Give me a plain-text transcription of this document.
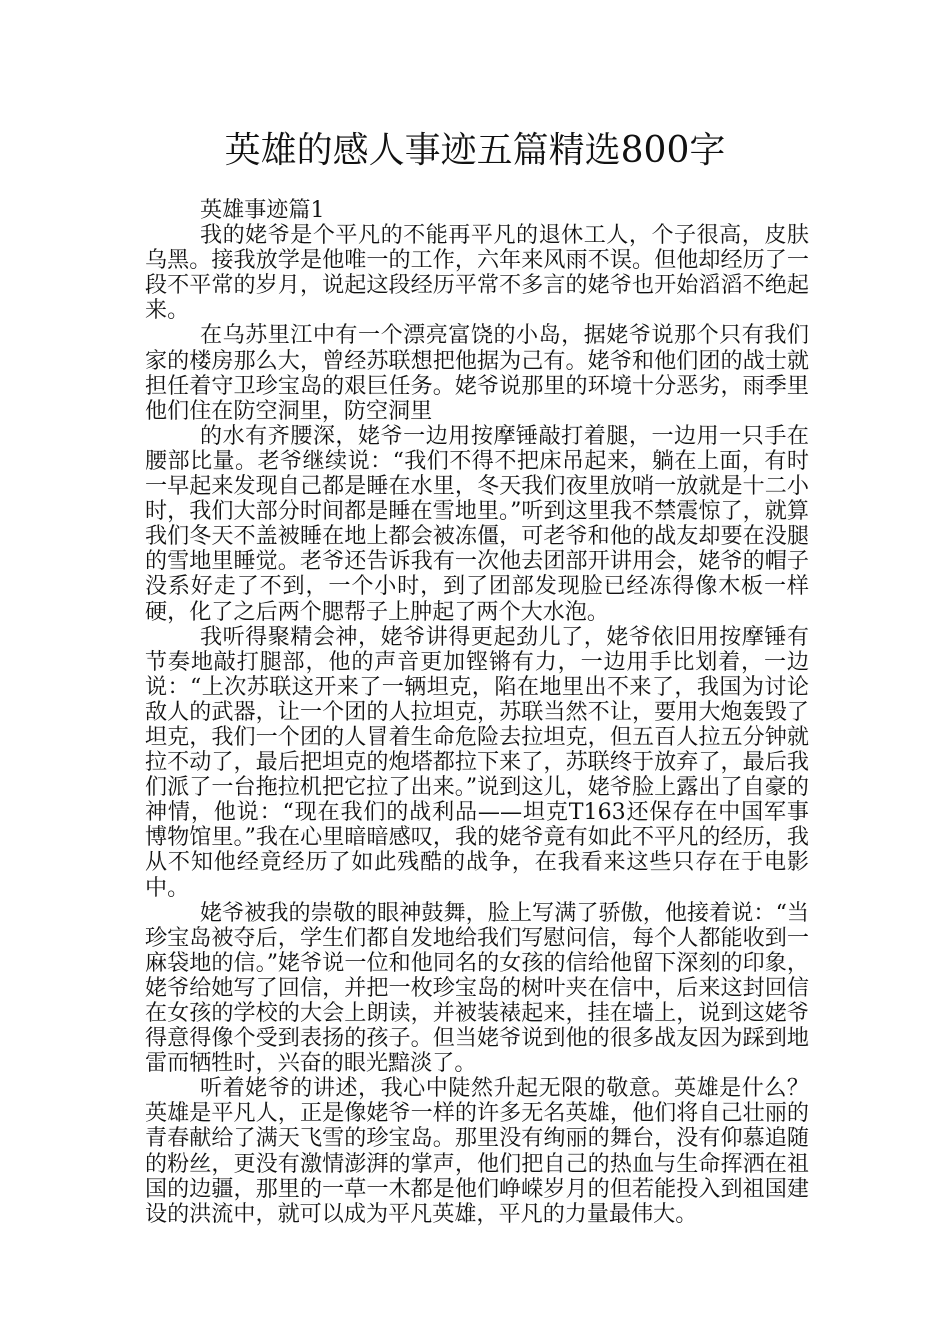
英雄的感人事迹五篇精选800字

英雄事迹篇1

我的姥爷是个平凡的不能再平凡的退休工人，个子很高，皮肤乌黑。接我放学是他唯一的工作，六年来风雨不误。但他却经历了一段不平常的岁月，说起这段经历平常不多言的姥爷也开始滔滔不绝起来。

在乌苏里江中有一个漂亮富饶的小岛，据姥爷说那个只有我们家的楼房那么大，曾经苏联想把他据为己有。姥爷和他们团的战士就担任着守卫珍宝岛的艰巨任务。姥爷说那里的环境十分恶劣，雨季里他们住在防空洞里，防空洞里

的水有齐腰深，姥爷一边用按摩锤敲打着腿，一边用一只手在腰部比量。老爷继续说：“我们不得不把床吊起来，躺在上面，有时一早起来发现自己都是睡在水里，冬天我们夜里放哨一放就是十二小时，我们大部分时间都是睡在雪地里。”听到这里我不禁震惊了，就算我们冬天不盖被睡在地上都会被冻僵，可老爷和他的战友却要在没腿的雪地里睡觉。老爷还告诉我有一次他去团部开讲用会，姥爷的帽子没系好走了不到，一个小时，到了团部发现脸已经冻得像木板一样硬，化了之后两个腮帮子上肿起了两个大水泡。

我听得聚精会神，姥爷讲得更起劲儿了，姥爷依旧用按摩锤有节奏地敲打腿部，他的声音更加铿锵有力，一边用手比划着，一边说：“上次苏联这开来了一辆坦克，陷在地里出不来了，我国为讨论敌人的武器，让一个团的人拉坦克，苏联当然不让，要用大炮轰毁了坦克，我们一个团的人冒着生命危险去拉坦克，但五百人拉五分钟就拉不动了，最后把坦克的炮塔都拉下来了，苏联终于放弃了，最后我们派了一台拖拉机把它拉了出来。”说到这儿，姥爷脸上露出了自豪的神情，他说：“现在我们的战利品——坦克T163还保存在中国军事博物馆里。”我在心里暗暗感叹，我的姥爷竟有如此不平凡的经历，我从不知他经竟经历了如此残酷的战争，在我看来这些只存在于电影中。

姥爷被我的崇敬的眼神鼓舞，脸上写满了骄傲，他接着说：“当珍宝岛被夺后，学生们都自发地给我们写慰问信，每个人都能收到一麻袋地的信。”姥爷说一位和他同名的女孩的信给他留下深刻的印象，姥爷给她写了回信，并把一枚珍宝岛的树叶夹在信中，后来这封回信在女孩的学校的大会上朗读，并被装裱起来，挂在墙上，说到这姥爷得意得像个受到表扬的孩子。但当姥爷说到他的很多战友因为踩到地雷而牺牲时，兴奋的眼光黯淡了。

听着姥爷的讲述，我心中陡然升起无限的敬意。英雄是什么？英雄是平凡人，正是像姥爷一样的许多无名英雄，他们将自己壮丽的青春献给了满天飞雪的珍宝岛。那里没有绚丽的舞台，没有仰慕追随的粉丝，更没有激情澎湃的掌声，他们把自己的热血与生命挥洒在祖国的边疆，那里的一草一木都是他们峥嵘岁月的但若能投入到祖国建设的洪流中，就可以成为平凡英雄，平凡的力量最伟大。
